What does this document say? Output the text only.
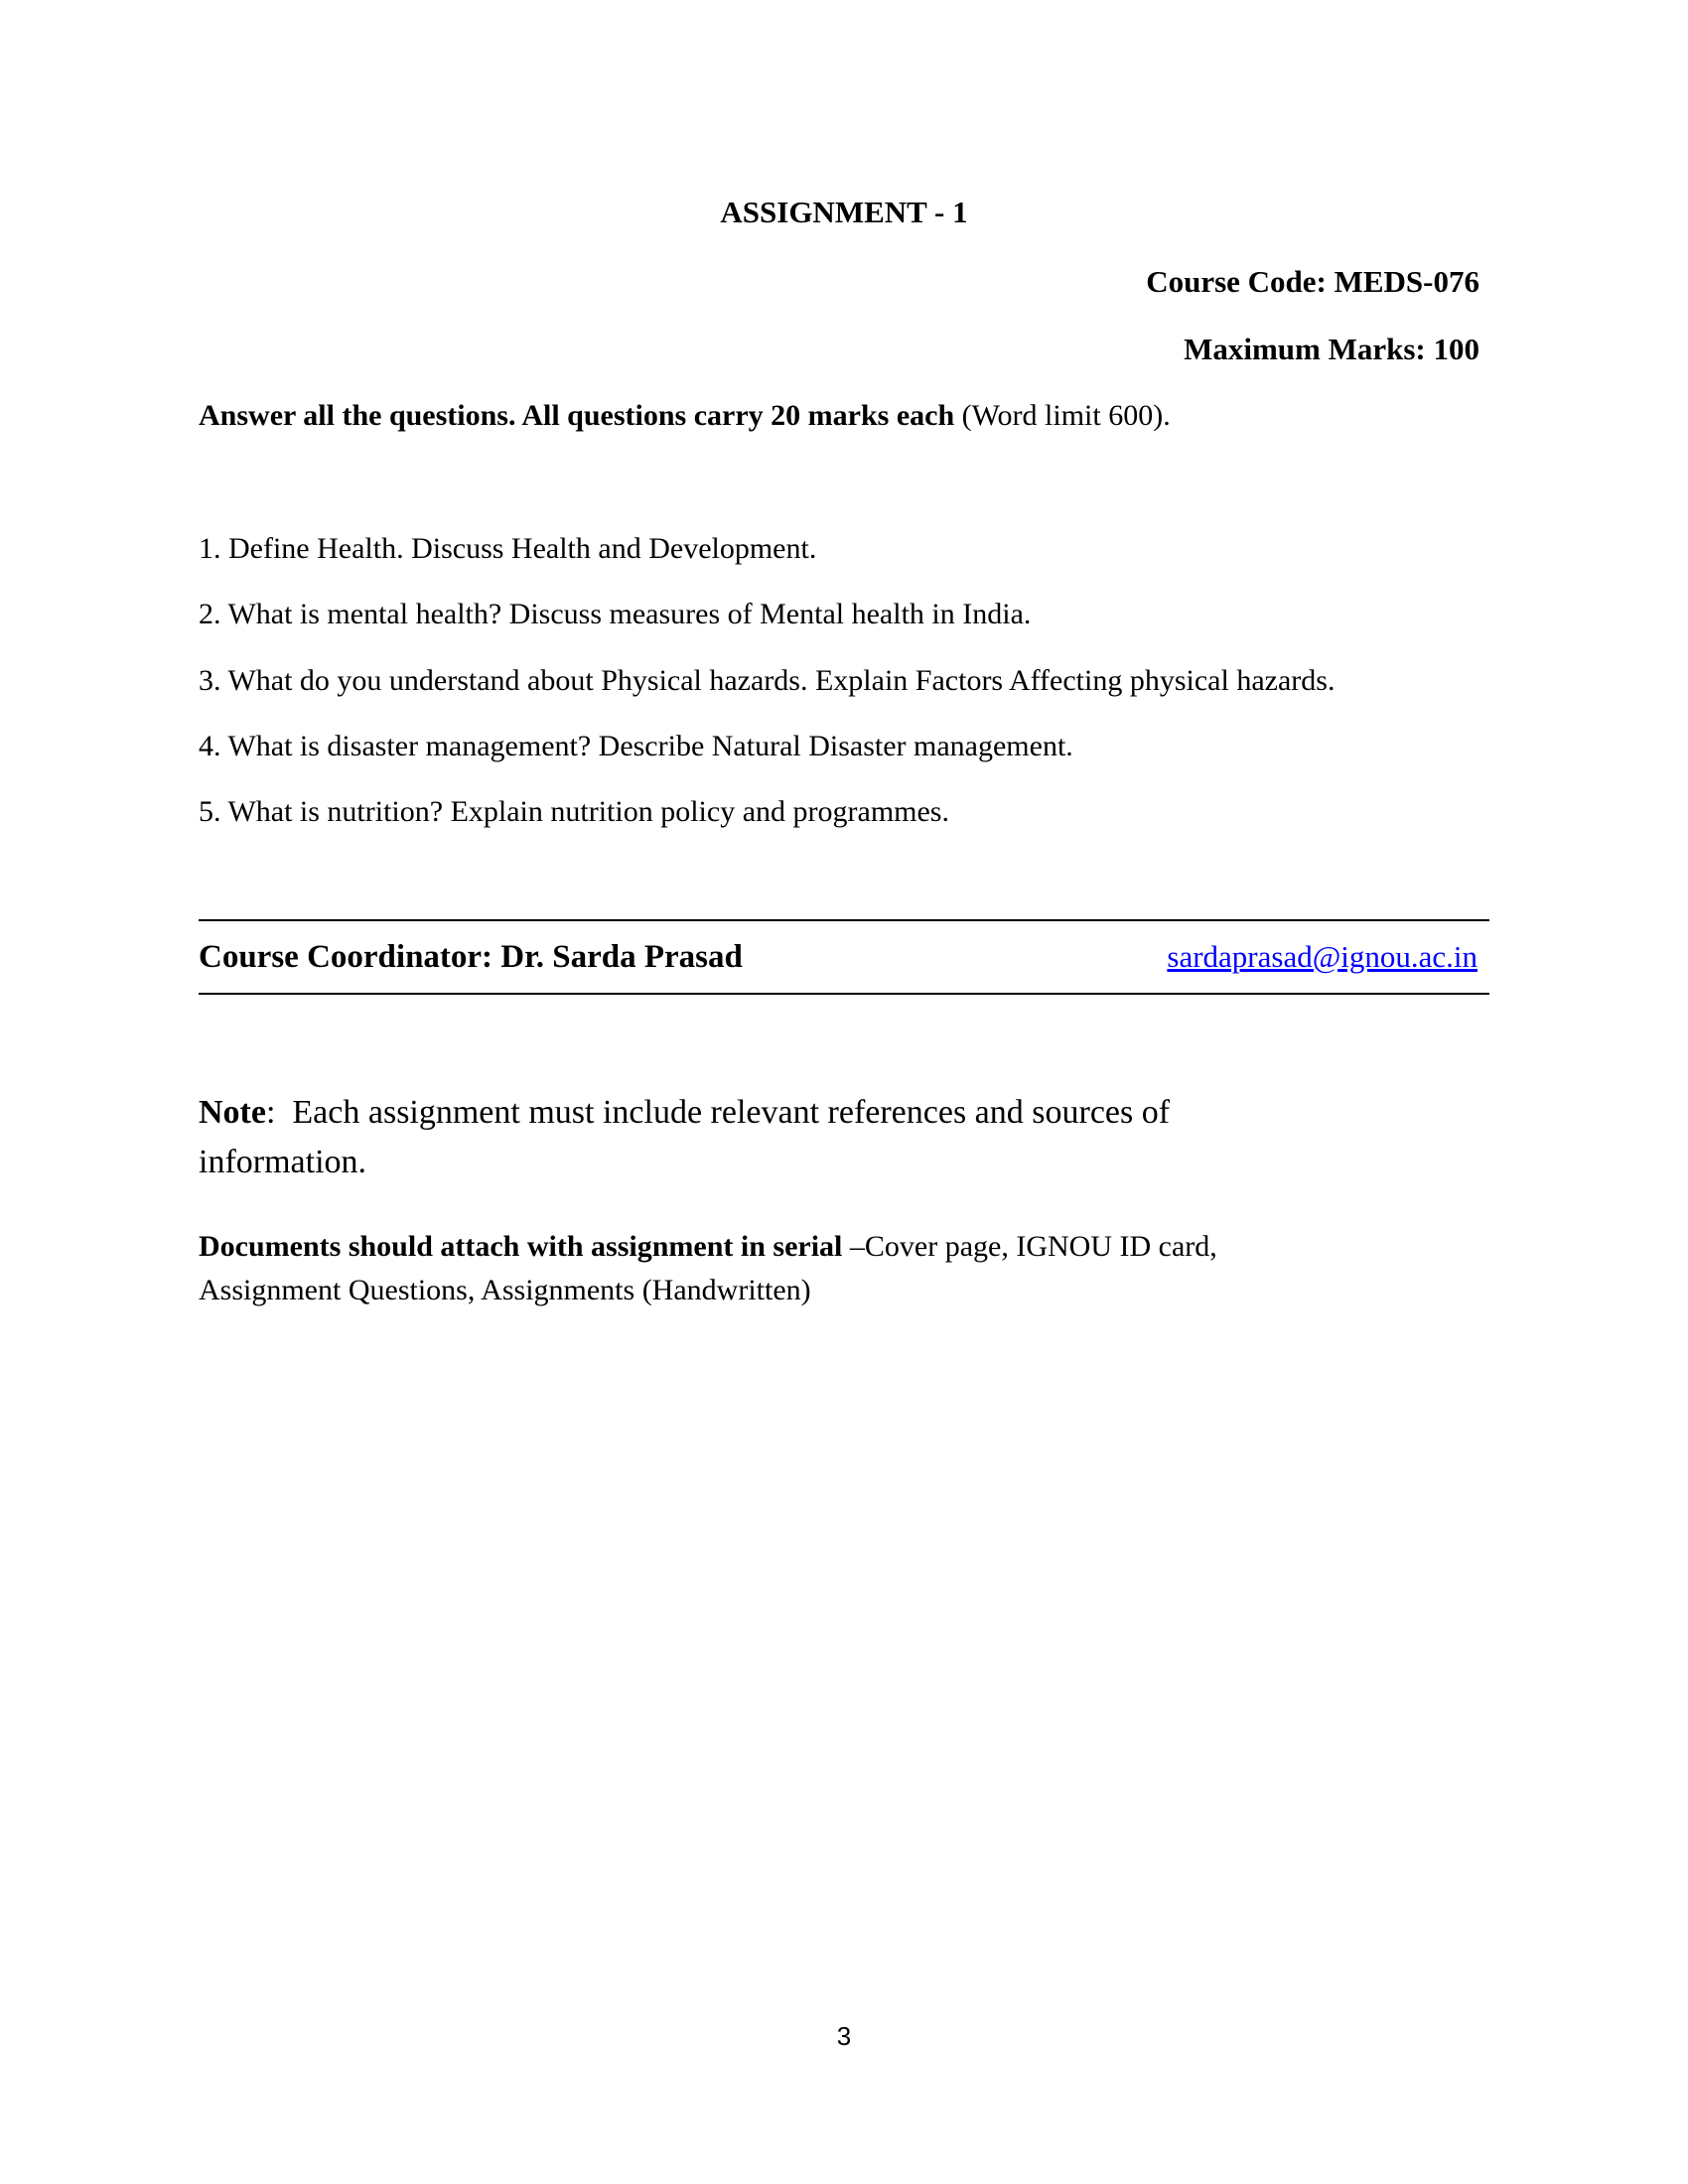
ASSIGNMENT - 1
Course Code: MEDS-076
Maximum Marks: 100
Answer all the questions. All questions carry 20 marks each (Word limit 600).
1. Define Health. Discuss Health and Development.
2. What is mental health? Discuss measures of Mental health in India.
3. What do you understand about Physical hazards. Explain Factors Affecting physical hazards.
4. What is disaster management? Describe Natural Disaster management.
5. What is nutrition? Explain nutrition policy and programmes.
Course Coordinator: Dr. Sarda Prasad	sardaprasad@ignou.ac.in
Note:  Each assignment must include relevant references and sources of
information.
Documents should attach with assignment in serial –Cover page, IGNOU ID card,
Assignment Questions, Assignments (Handwritten)
3
